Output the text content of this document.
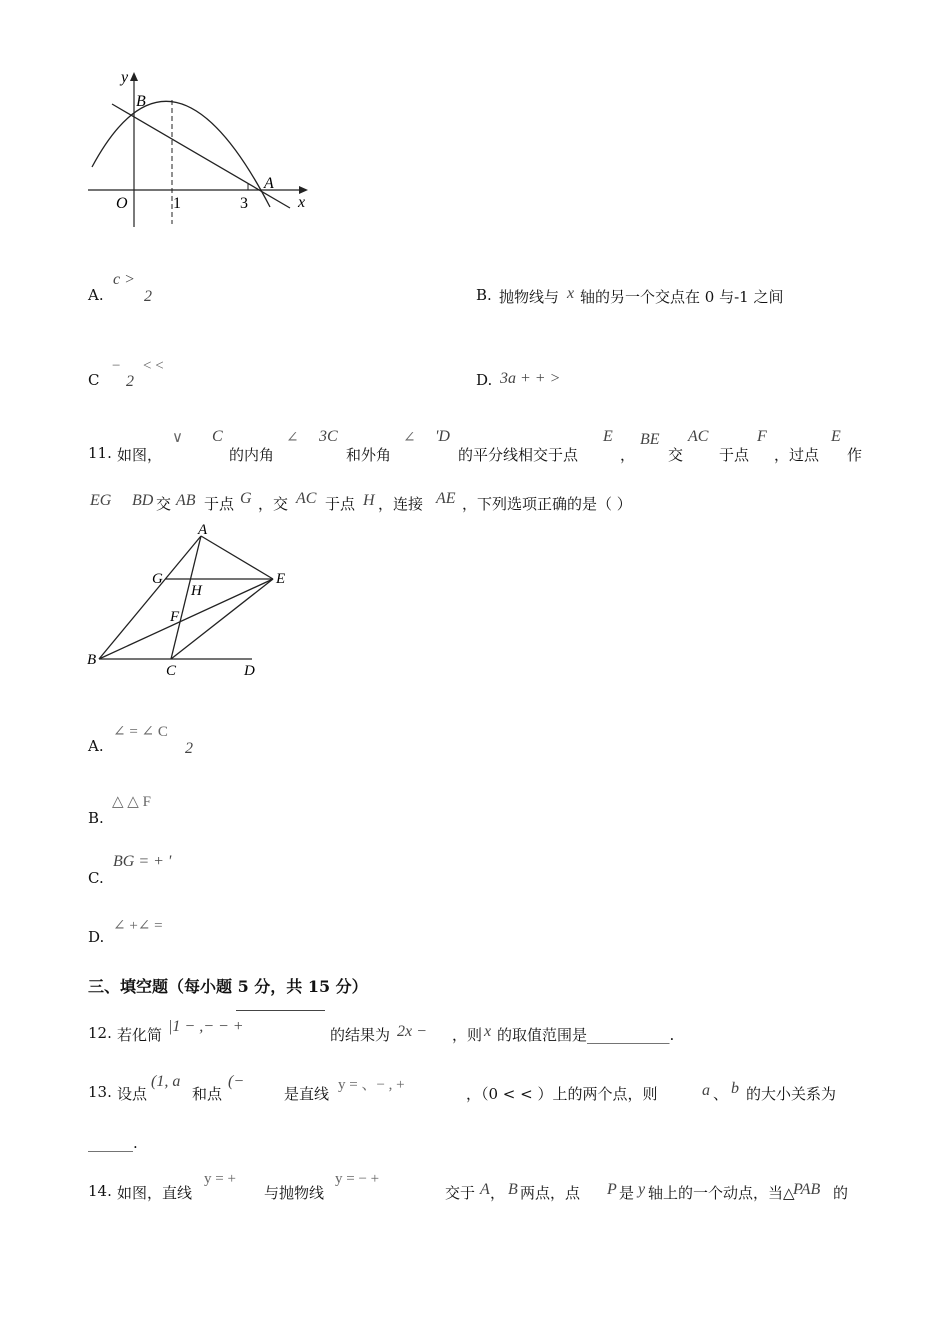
y
x
O
B
A
1	3
A.
c >
2	B. 抛物线与 x 轴的另一个交点在 0 与-1 之间
C
−
2
< <
D. 3a + + >
11. 如图，
∨ C
的内角
∠ 3C
和外角
∠ 'D
的平分线相交于点
E
，
BE
交
AC
于点
F
，过点
E
作
EG BD 交 AB 于点 G ，交 AC 于点 H ，连接 AE ，下列选项正确的是（ ）
A
G
H
E
F
B
C	D
A.
∠ = ∠ C
2
B.
△ △ F
C.
BG = + '
D.
∠ +∠ =
三、填空题（每小题 5 分，共 15 分）
12. 若化简 |1 − ,− − +	的结果为 2x − ，则 x 的取值范围是___________.
13. 设点
(1, a
和点
(−
是直线 y = 、− , +	，（0 < < ）上的两个点，则	a 、 b 的大小关系为
______.
14. 如图，直线
y = +
与抛物线
y = − +
交于 A ， B 两点，点 P 是 y 轴上的一个动点，当△
PAB 的
